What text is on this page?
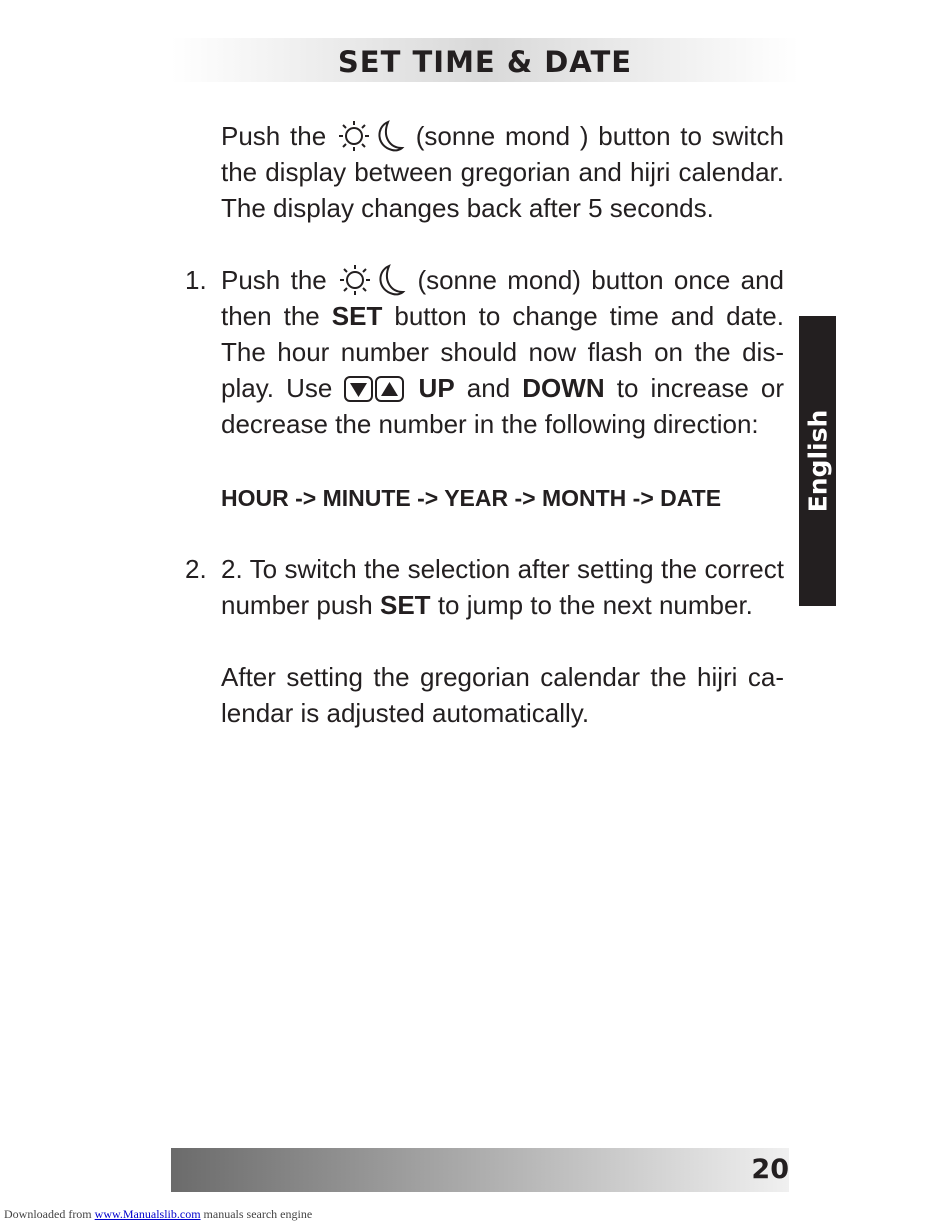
SET TIME & DATE

Push the	(sonne mond ) button to switch the display between gregorian and hijri calendar. The display changes back after 5 seconds.

1. Push the	(sonne mond) button once and then the SET button to change time and date. The hour number should now flash on the dis-play. Use	UP and DOWN to increase or decrease the number in the following direction:

HOUR -> MINUTE -> YEAR -> MONTH -> DATE

2. 2. To switch the selection after setting the correct number push SET to jump to the next number.

After setting the gregorian calendar the hijri ca-lendar is adjusted automatically.

English
20
Downloaded from www.Manualslib.com manuals search engine
